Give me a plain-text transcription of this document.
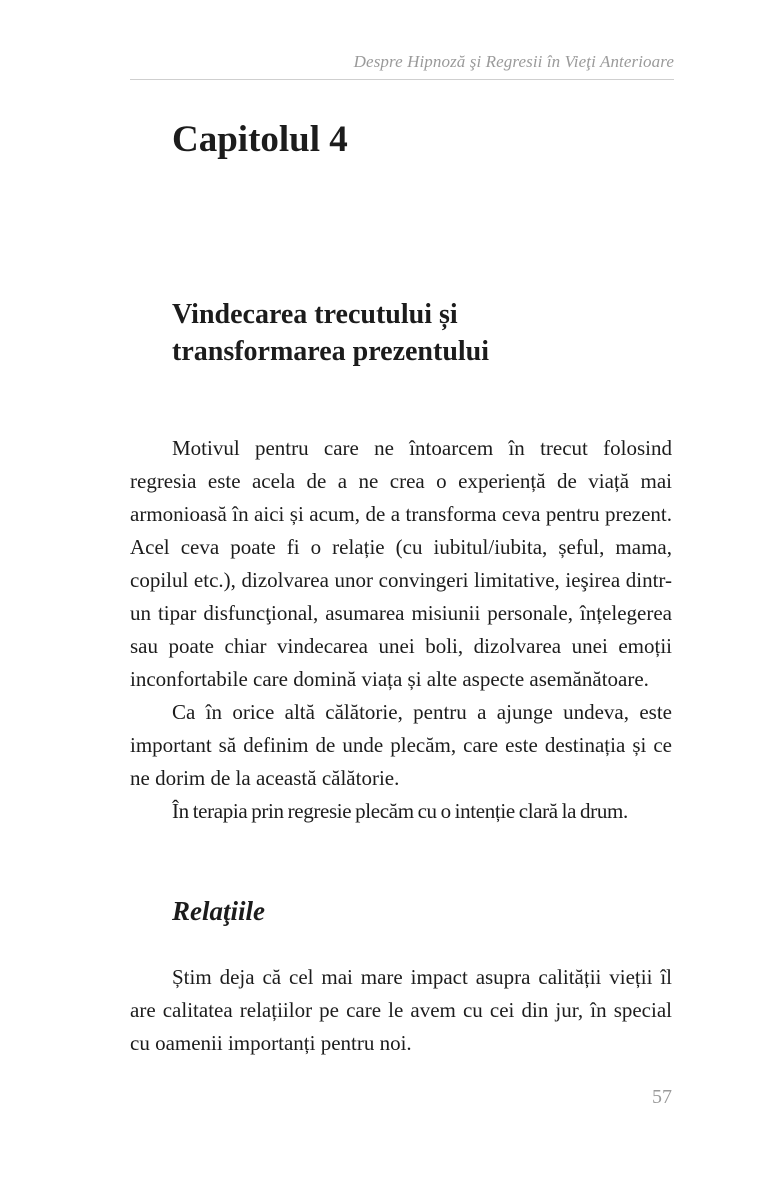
Despre Hipnoză şi Regresii în Vieţi Anterioare
Capitolul 4
Vindecarea trecutului și
transformarea prezentului

Motivul pentru care ne întoarcem în trecut folosind regresia este acela de a ne crea o experiență de viață mai armonioasă în aici și acum, de a transforma ceva pentru prezent. Acel ceva poate fi o relație (cu iubitul/iubita, șeful, mama, copilul etc.), dizolvarea unor convingeri limitative, ieşirea dintr-un tipar disfuncţional, asumarea misiunii personale, înțelegerea sau poate chiar vindecarea unei boli, dizolvarea unei emoții inconfortabile care domină viața și alte aspecte asemănătoare.

Ca în orice altă călătorie, pentru a ajunge undeva, este important să definim de unde plecăm, care este destinația și ce ne dorim de la această călătorie.

În terapia prin regresie plecăm cu o intenție clară la drum.

Relaţiile

Știm deja că cel mai mare impact asupra calității vieții îl are calitatea relațiilor pe care le avem cu cei din jur, în special cu oamenii importanți pentru noi.

57
